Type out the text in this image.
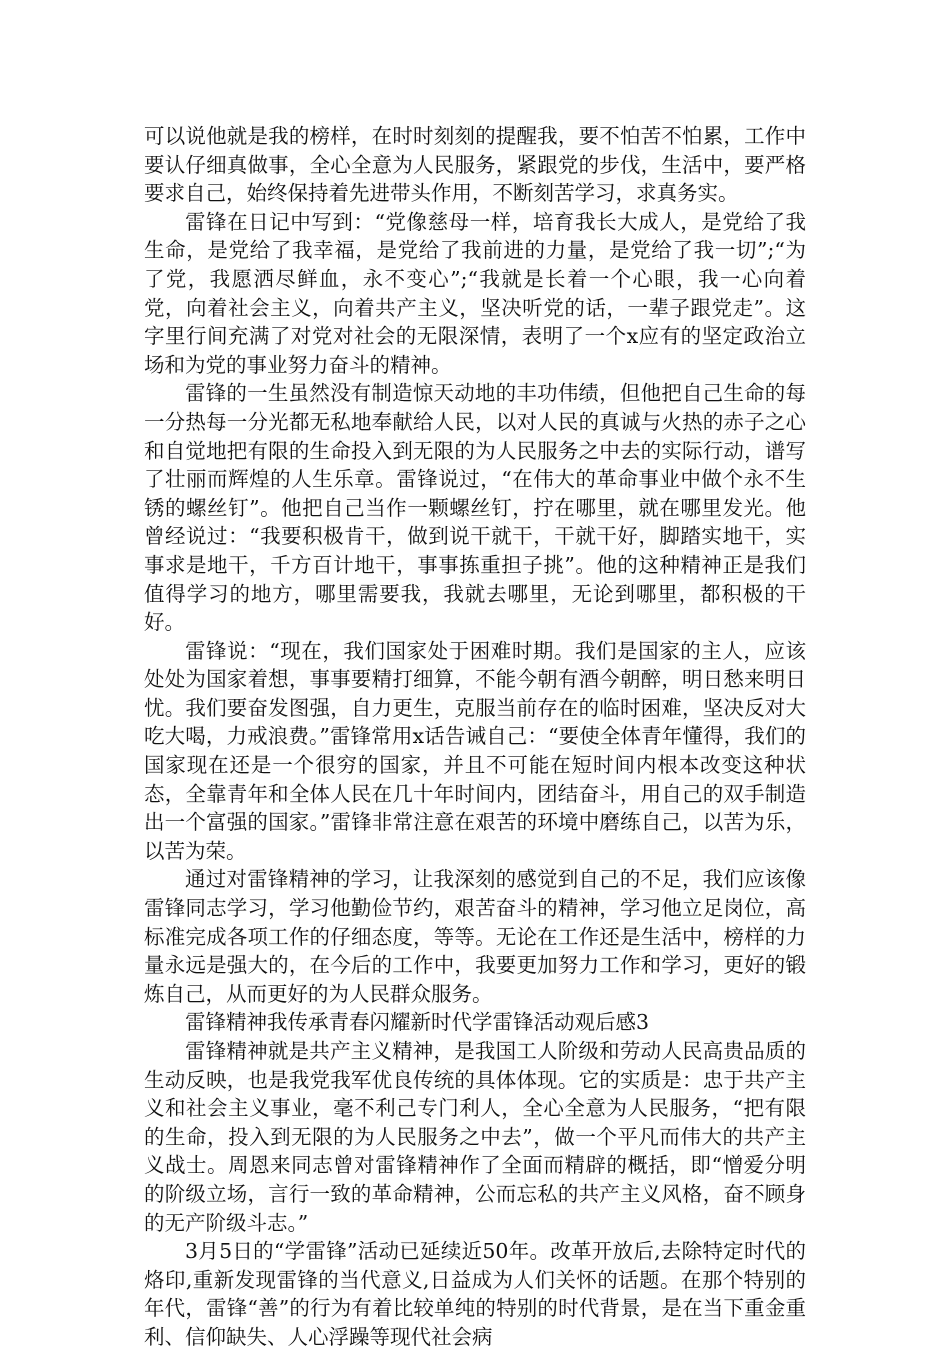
可以说他就是我的榜样，在时时刻刻的提醒我，要不怕苦不怕累，工作中要认仔细真做事，全心全意为人民服务，紧跟党的步伐，生活中，要严格要求自己，始终保持着先进带头作用，不断刻苦学习，求真务实。

雷锋在日记中写到：“党像慈母一样，培育我长大成人，是党给了我生命，是党给了我幸福，是党给了我前进的力量，是党给了我一切”;“为了党，我愿洒尽鲜血，永不变心”;“我就是长着一个心眼，我一心向着党，向着社会主义，向着共产主义，坚决听党的话，一辈子跟党走”。这字里行间充满了对党对社会的无限深情，表明了一个x应有的坚定政治立场和为党的事业努力奋斗的精神。

雷锋的一生虽然没有制造惊天动地的丰功伟绩，但他把自己生命的每一分热每一分光都无私地奉献给人民，以对人民的真诚与火热的赤子之心和自觉地把有限的生命投入到无限的为人民服务之中去的实际行动，谱写了壮丽而辉煌的人生乐章。雷锋说过，“在伟大的革命事业中做个永不生锈的螺丝钉”。他把自己当作一颗螺丝钉，拧在哪里，就在哪里发光。他曾经说过：“我要积极肯干，做到说干就干，干就干好，脚踏实地干，实事求是地干，千方百计地干，事事拣重担子挑”。他的这种精神正是我们值得学习的地方，哪里需要我，我就去哪里，无论到哪里，都积极的干好。

雷锋说：“现在，我们国家处于困难时期。我们是国家的主人，应该处处为国家着想，事事要精打细算，不能今朝有酒今朝醉，明日愁来明日忧。我们要奋发图强，自力更生，克服当前存在的临时困难，坚决反对大吃大喝，力戒浪费。”雷锋常用x话告诫自己：“要使全体青年懂得，我们的国家现在还是一个很穷的国家，并且不可能在短时间内根本改变这种状态，全靠青年和全体人民在几十年时间内，团结奋斗，用自己的双手制造出一个富强的国家。”雷锋非常注意在艰苦的环境中磨练自己，以苦为乐，以苦为荣。

通过对雷锋精神的学习，让我深刻的感觉到自己的不足，我们应该像雷锋同志学习，学习他勤俭节约，艰苦奋斗的精神，学习他立足岗位，高标准完成各项工作的仔细态度，等等。无论在工作还是生活中，榜样的力量永远是强大的，在今后的工作中，我要更加努力工作和学习，更好的锻炼自己，从而更好的为人民群众服务。

雷锋精神我传承青春闪耀新时代学雷锋活动观后感3

雷锋精神就是共产主义精神，是我国工人阶级和劳动人民高贵品质的生动反映，也是我党我军优良传统的具体体现。它的实质是：忠于共产主义和社会主义事业，毫不利己专门利人，全心全意为人民服务，“把有限的生命，投入到无限的为人民服务之中去”，做一个平凡而伟大的共产主义战士。周恩来同志曾对雷锋精神作了全面而精辟的概括，即“憎爱分明的阶级立场，言行一致的革命精神，公而忘私的共产主义风格，奋不顾身的无产阶级斗志。”

3月5日的“学雷锋”活动已延续近50年。改革开放后,去除特定时代的烙印,重新发现雷锋的当代意义,日益成为人们关怀的话题。在那个特别的年代，雷锋“善”的行为有着比较单纯的特别的时代背景，是在当下重金重利、信仰缺失、人心浮躁等现代社会病
